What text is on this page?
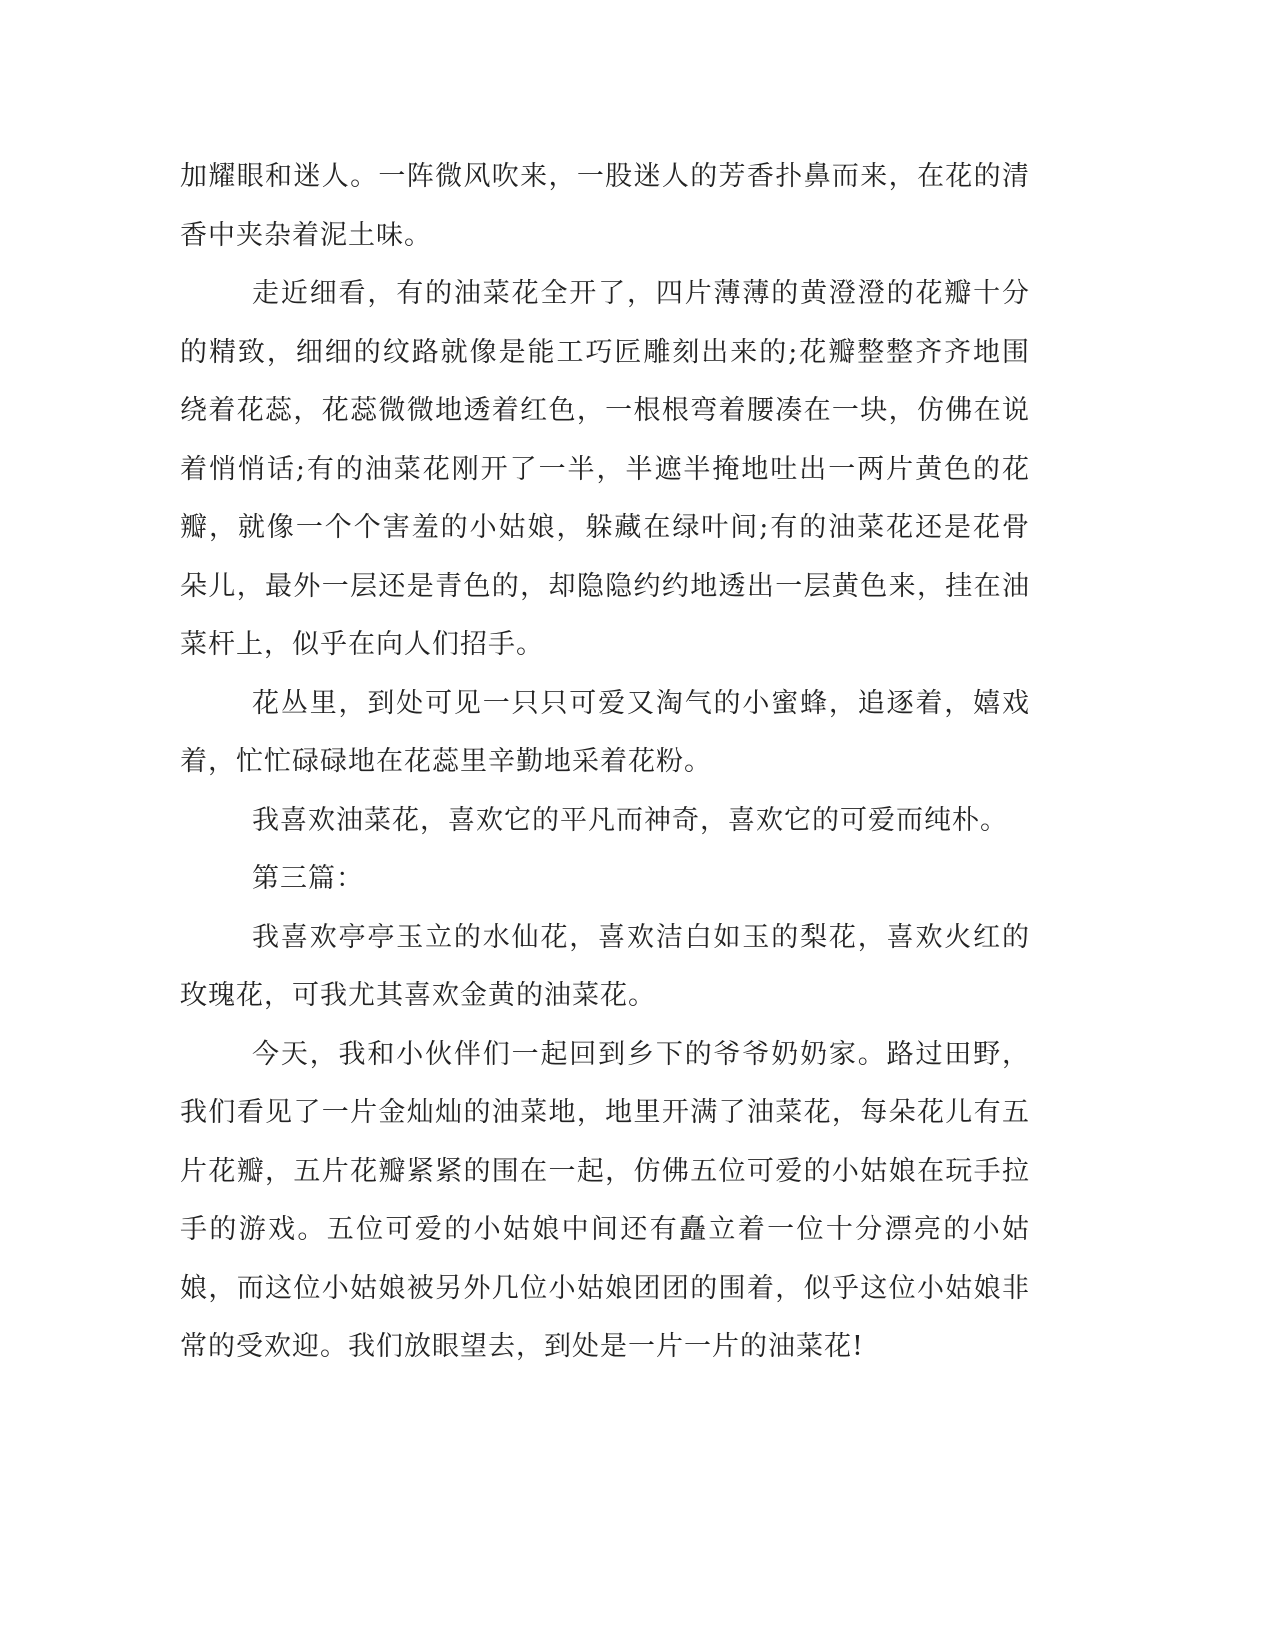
加耀眼和迷人。一阵微风吹来，一股迷人的芳香扑鼻而来，在花的清香中夹杂着泥土味。

走近细看，有的油菜花全开了，四片薄薄的黄澄澄的花瓣十分的精致，细细的纹路就像是能工巧匠雕刻出来的;花瓣整整齐齐地围绕着花蕊，花蕊微微地透着红色，一根根弯着腰凑在一块，仿佛在说着悄悄话;有的油菜花刚开了一半，半遮半掩地吐出一两片黄色的花瓣，就像一个个害羞的小姑娘，躲藏在绿叶间;有的油菜花还是花骨朵儿，最外一层还是青色的，却隐隐约约地透出一层黄色来，挂在油菜杆上，似乎在向人们招手。

花丛里，到处可见一只只可爱又淘气的小蜜蜂，追逐着，嬉戏着，忙忙碌碌地在花蕊里辛勤地采着花粉。

我喜欢油菜花，喜欢它的平凡而神奇，喜欢它的可爱而纯朴。

第三篇：

我喜欢亭亭玉立的水仙花，喜欢洁白如玉的梨花，喜欢火红的玫瑰花，可我尤其喜欢金黄的油菜花。

今天，我和小伙伴们一起回到乡下的爷爷奶奶家。路过田野，我们看见了一片金灿灿的油菜地，地里开满了油菜花，每朵花儿有五片花瓣，五片花瓣紧紧的围在一起，仿佛五位可爱的小姑娘在玩手拉手的游戏。五位可爱的小姑娘中间还有矗立着一位十分漂亮的小姑娘，而这位小姑娘被另外几位小姑娘团团的围着，似乎这位小姑娘非常的受欢迎。我们放眼望去，到处是一片一片的油菜花!
